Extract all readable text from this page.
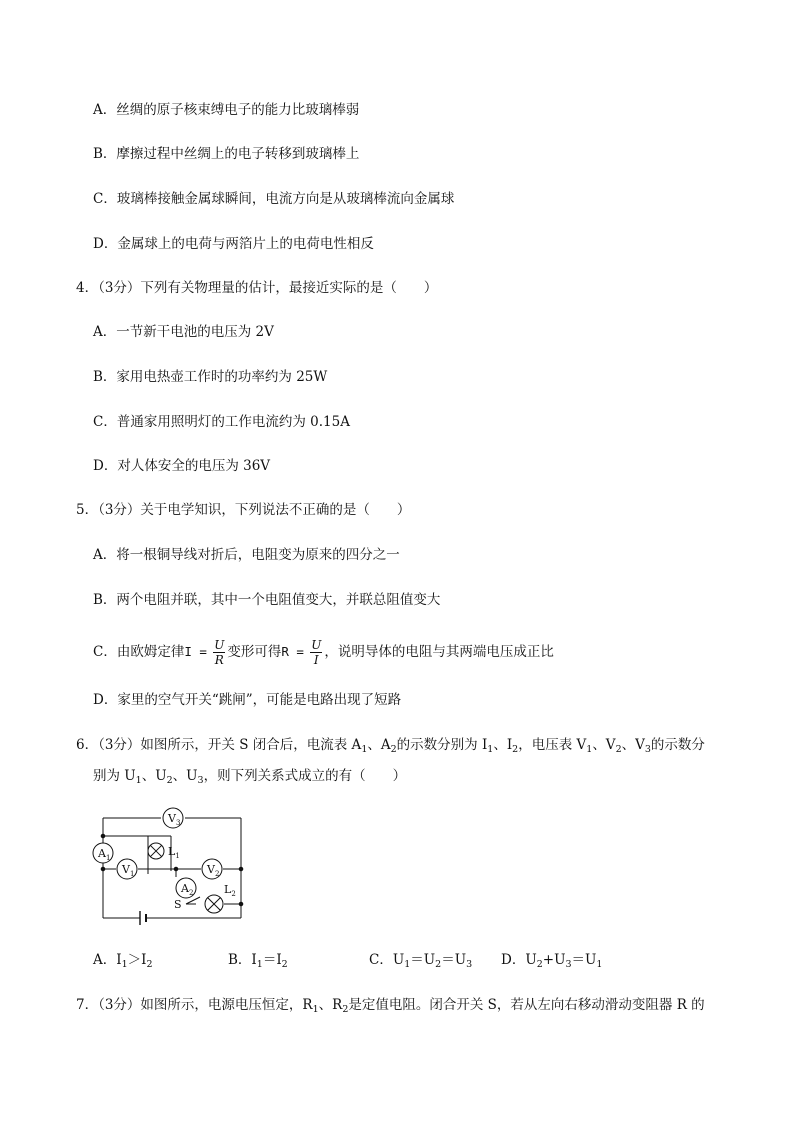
A．丝绸的原子核束缚电子的能力比玻璃棒弱
B．摩擦过程中丝绸上的电子转移到玻璃棒上
C．玻璃棒接触金属球瞬间，电流方向是从玻璃棒流向金属球
D．金属球上的电荷与两箔片上的电荷电性相反
4．（3分）下列有关物理量的估计，最接近实际的是（　　）
A．一节新干电池的电压为 2V
B．家用电热壶工作时的功率约为 25W
C．普通家用照明灯的工作电流约为 0.15A
D．对人体安全的电压为 36V
5．（3分）关于电学知识，下列说法不正确的是（　　）
A．将一根铜导线对折后，电阻变为原来的四分之一
B．两个电阻并联，其中一个电阻值变大，并联总阻值变大
C．由欧姆定律$I = \frac{U}{R}$ 变形可得$R = \frac{U}{I}$ ，说明导体的电阻与其两端电压成正比
D．家里的空气开关“跳闸”，可能是电路出现了短路
6．（3分）如图所示，开关 S 闭合后，电流表 $A_1$、$A_2$的示数分别为 $I_1$、$I_2$，电压表 $V_1$、$V_2$、$V_3$的示数分
别为 $U_1$、$U_2$、$U_3$，则下列关系式成立的有（　　）
$V_3$
$A_1$	$L_1$
$V_1$	$V_2$
$A_2$	$L_2$
S
A．$I_1>I_2$	B．$I_1=I_2$	C．$U_1=U_2=U_3$ D．$U_2+U_3=U_1$
7．（3分）如图所示，电源电压恒定，$R_1$、$R_2$是定值电阻。闭合开关 S，若从左向右移动滑动变阻器 R 的
